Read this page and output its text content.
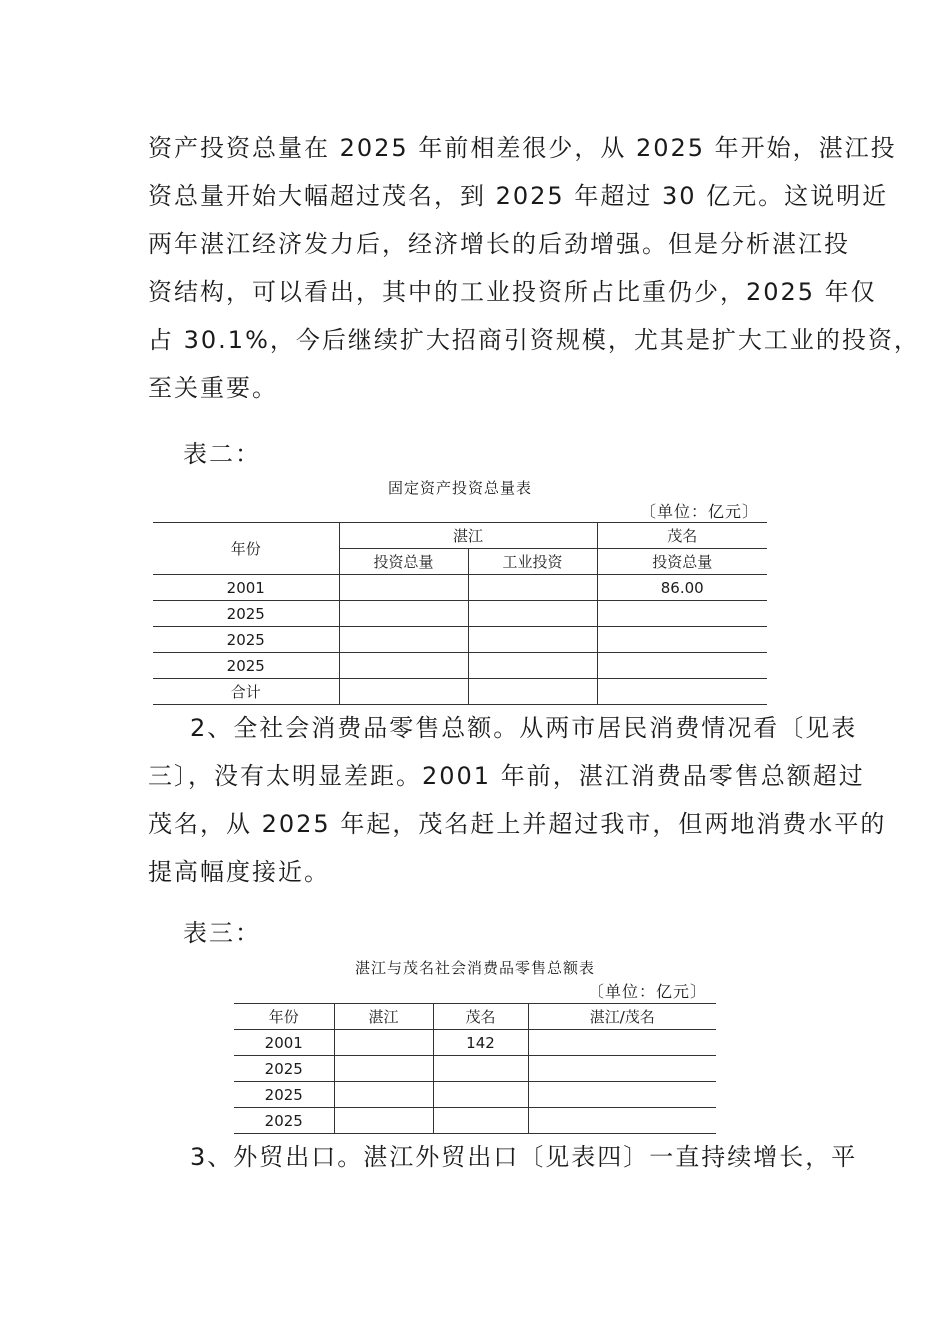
资产投资总量在 2025 年前相差很少，从 2025 年开始，湛江投
资总量开始大幅超过茂名，到 2025 年超过 30 亿元。这说明近
两年湛江经济发力后，经济增长的后劲增强。但是分析湛江投
资结构，可以看出，其中的工业投资所占比重仍少，2025 年仅
占 30.1%，今后继续扩大招商引资规模，尤其是扩大工业的投资，
至关重要。
表二：
固定资产投资总量表
〔单位：亿元〕
年份	湛江		茂名
	投资总量	工业投资	投资总量
2001			86.00
2025			
2025			
2025			
合计			
2、全社会消费品零售总额。从两市居民消费情况看〔见表
三〕，没有太明显差距。2001 年前，湛江消费品零售总额超过
茂名，从 2025 年起，茂名赶上并超过我市，但两地消费水平的
提高幅度接近。
表三：
湛江与茂名社会消费品零售总额表
〔单位：亿元〕
年份	湛江	茂名	湛江/茂名
2001		142	
2025			
2025			
2025			
3、外贸出口。湛江外贸出口〔见表四〕一直持续增长，平
